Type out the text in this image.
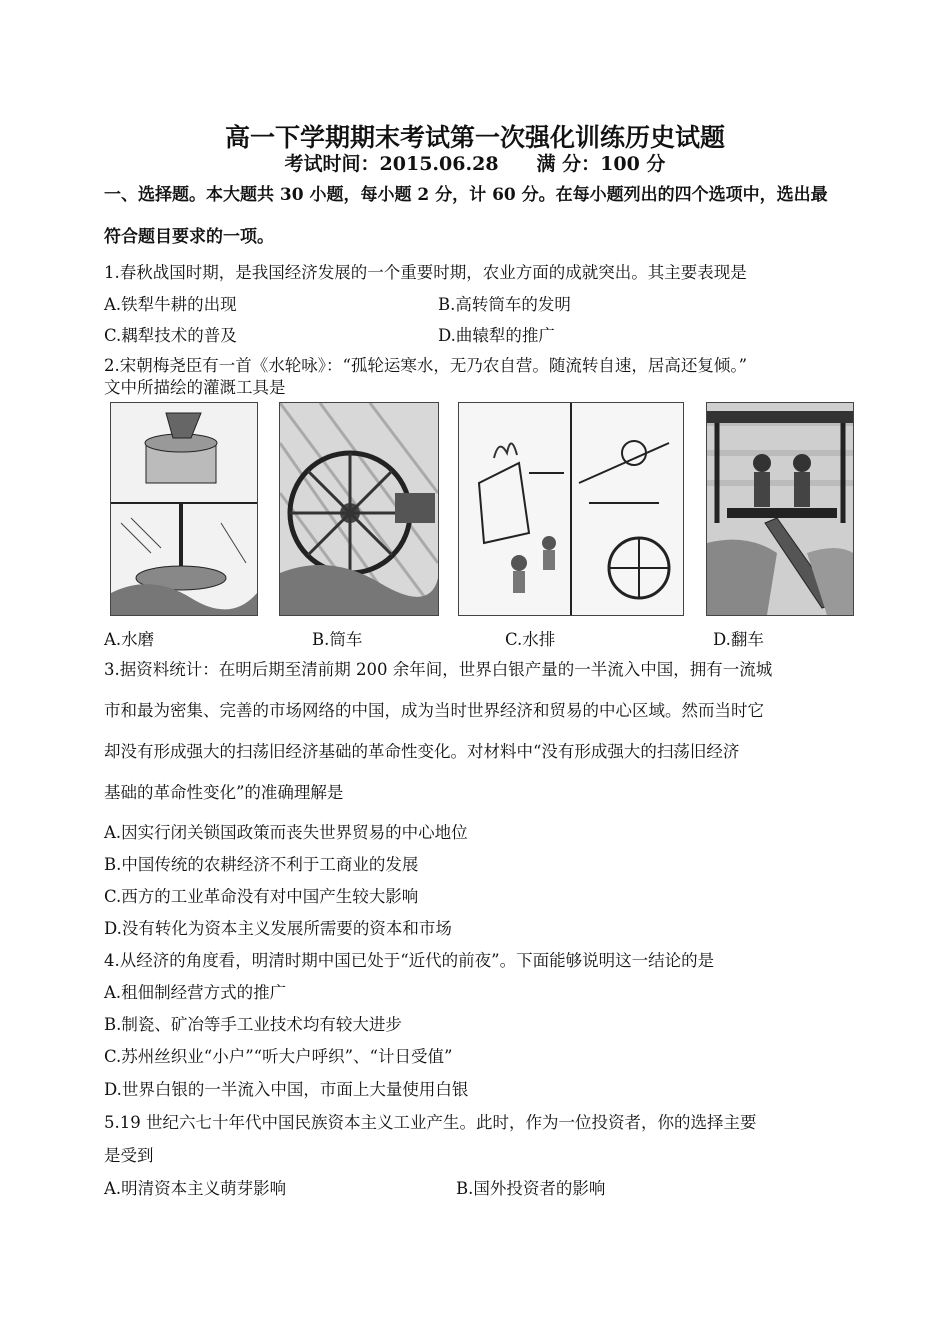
高一下学期期末考试第一次强化训练历史试题
考试时间：2015.06.28　　满 分：100 分
一、选择题。本大题共 30 小题，每小题 2 分，计 60 分。在每小题列出的四个选项中，选出最
符合题目要求的一项。
1.春秋战国时期，是我国经济发展的一个重要时期，农业方面的成就突出。其主要表现是
A.铁犁牛耕的出现	B.高转筒车的发明
C.耦犁技术的普及	D.曲辕犁的推广
2.宋朝梅尧臣有一首《水轮咏》：“孤轮运寒水，无乃农自营。随流转自速，居高还复倾。”
文中所描绘的灌溉工具是
A.水磨	B.筒车	C.水排	D.翻车
3.据资料统计：在明后期至清前期 200 余年间，世界白银产量的一半流入中国，拥有一流城
市和最为密集、完善的市场网络的中国，成为当时世界经济和贸易的中心区域。然而当时它
却没有形成强大的扫荡旧经济基础的革命性变化。对材料中“没有形成强大的扫荡旧经济
基础的革命性变化”的准确理解是
A.因实行闭关锁国政策而丧失世界贸易的中心地位
B.中国传统的农耕经济不利于工商业的发展
C.西方的工业革命没有对中国产生较大影响
D.没有转化为资本主义发展所需要的资本和市场
4.从经济的角度看，明清时期中国已处于“近代的前夜”。下面能够说明这一结论的是
A.租佃制经营方式的推广
B.制瓷、矿冶等手工业技术均有较大进步
C.苏州丝织业“小户”“听大户呼织”、“计日受值”
D.世界白银的一半流入中国，市面上大量使用白银
5.19 世纪六七十年代中国民族资本主义工业产生。此时，作为一位投资者，你的选择主要
是受到
A.明清资本主义萌芽影响	B.国外投资者的影响
